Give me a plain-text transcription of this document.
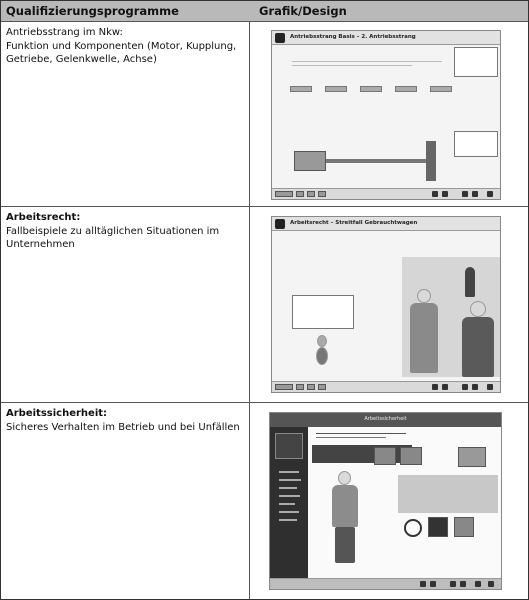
Qualifizierungsprogramme	Grafik/Design
Antriebsstrang im Nkw:
Funktion und Komponenten (Motor, Kupplung, Getriebe, Gelenkwelle, Achse)
Antriebsstrang Basis – 2. Antriebsstrang
Arbeitsrecht:
Fallbeispiele zu alltäglichen Situationen im Unternehmen
Arbeitsrecht – Streitfall Gebrauchtwagen
Arbeitssicherheit:
Sicheres Verhalten im Betrieb und bei Unfällen
Arbeitssicherheit
